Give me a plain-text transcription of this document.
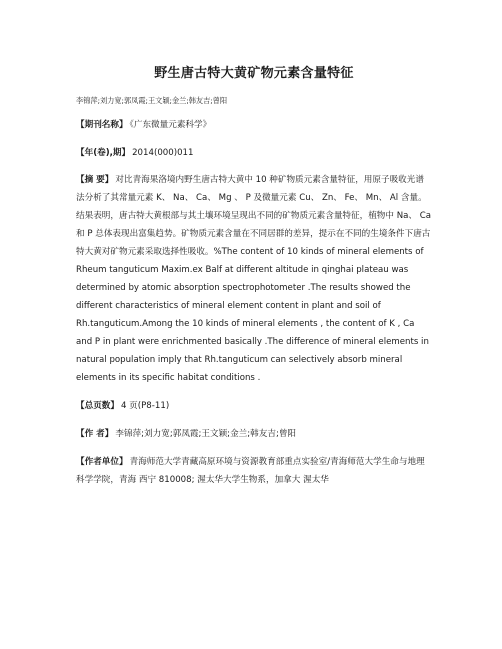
野生唐古特大黄矿物元素含量特征
李锦萍;刘力宽;郭凤霞;王文颖;金兰;韩友吉;曾阳
【期刊名称】 《广东微量元素科学》
【年(卷),期】 2014(000)011
【摘 要】 对比青海果洛境内野生唐古特大黄中 10 种矿物质元素含量特征，用原子吸收光谱法分析了其常量元素 K、 Na、 Ca、 Mg 、 P 及微量元素 Cu、 Zn、 Fe、 Mn、 Al 含量。结果表明，唐古特大黄根部与其土壤环境呈现出不同的矿物质元素含量特征，植物中 Na、 Ca 和 P 总体表现出富集趋势。矿物质元素含量在不同居群的差异，提示在不同的生境条件下唐古特大黄对矿物元素采取选择性吸收。%The content of 10 kinds of mineral elements of Rheum tanguticum Maxim.ex Balf at different altitude in qinghai plateau was determined by atomic absorption spectrophotometer .The results showed the different characteristics of mineral element content in plant and soil of Rh.tanguticum.Among the 10 kinds of mineral elements , the content of K , Ca and P in plant were enrichmented basically .The difference of mineral elements in natural population imply that Rh.tanguticum can selectively absorb mineral elements in its specific habitat conditions .
【总页数】 4 页(P8-11)
【作 者】 李锦萍;刘力宽;郭凤霞;王文颖;金兰;韩友吉;曾阳
【作者单位】 青海师范大学青藏高原环境与资源教育部重点实验室/青海师范大学生命与地理科学学院，青海 西宁 810008; 渥太华大学生物系，加拿大 渥太华
